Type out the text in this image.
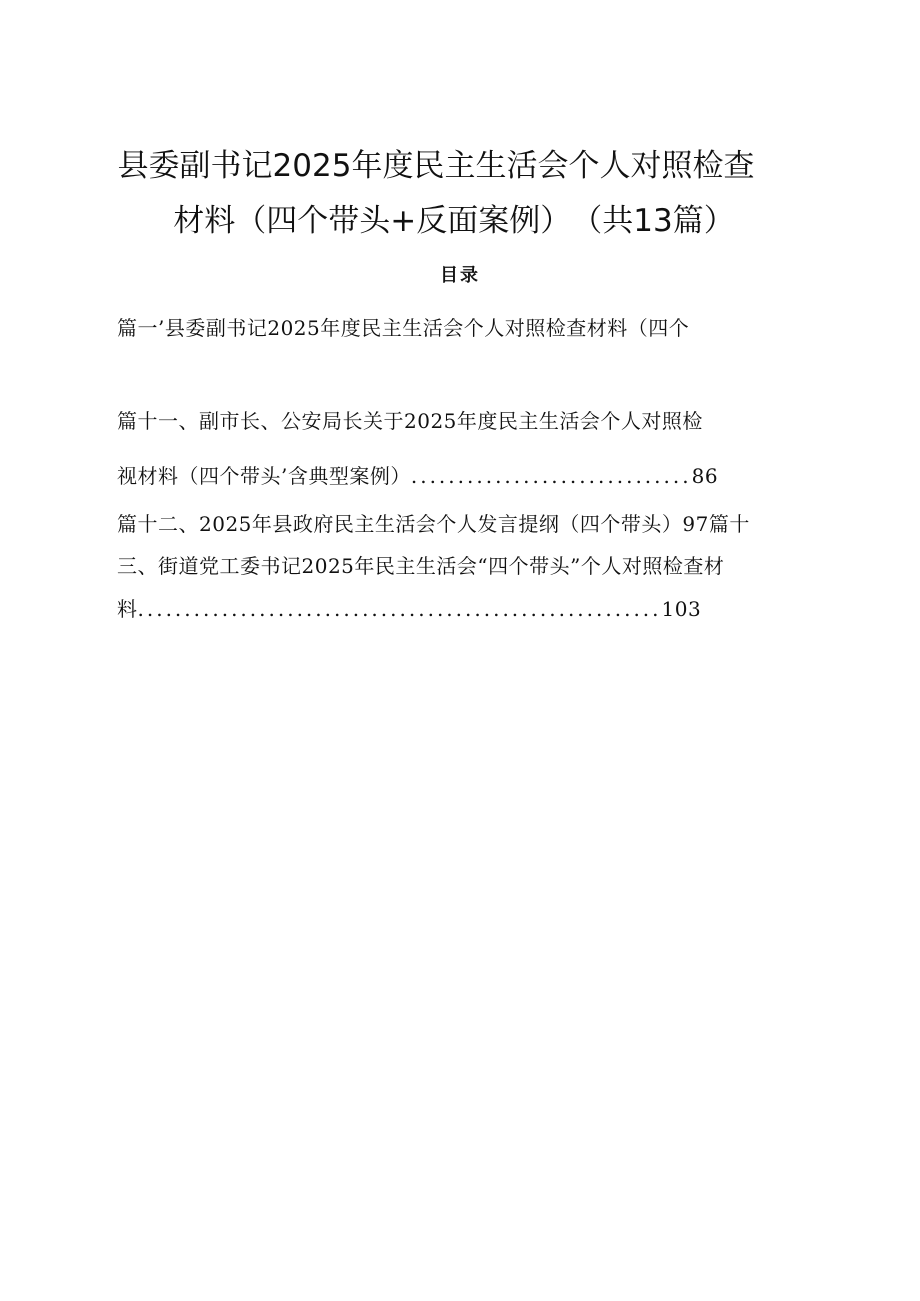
县委副书记2025年度民主生活会个人对照检查
材料（四个带头+反面案例）　（共13篇）
目录
篇一’县委副书记2025年度民主生活会个人对照检查材料（四个
篇十一、副市长、公安局长关于2025年度民主生活会个人对照检
视材料（四个带头’含典型案例）..............................86
篇十二、2025年县政府民主生活会个人发言提纲（四个带头）97篇十
三、街道党工委书记2025年民主生活会“四个带头”个人对照检查材
料........................................................103
